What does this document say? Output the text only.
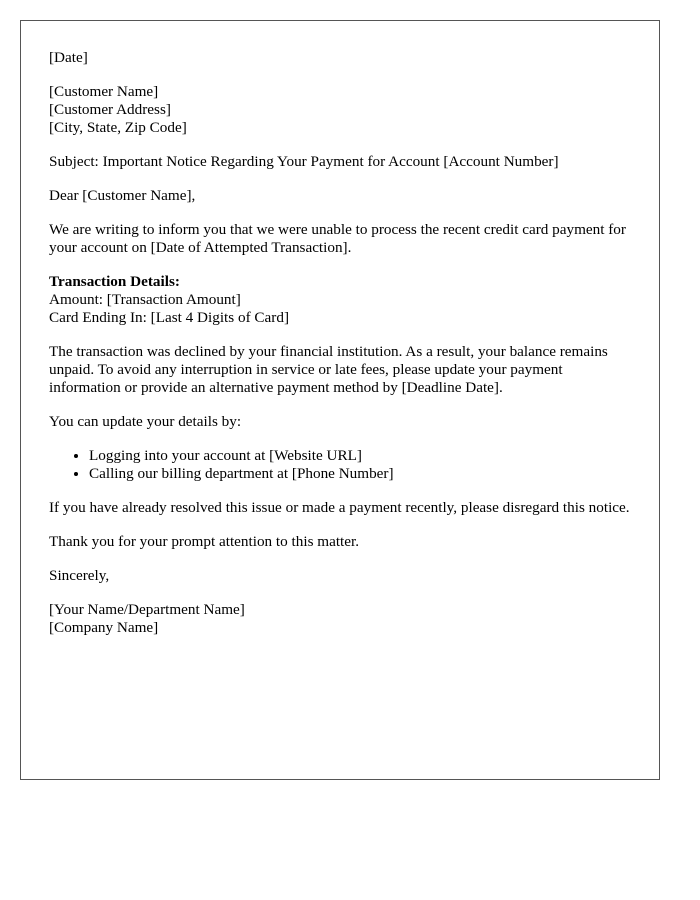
[Date]
[Customer Name]
[Customer Address]
[City, State, Zip Code]
Subject: Important Notice Regarding Your Payment for Account [Account Number]
Dear [Customer Name],
We are writing to inform you that we were unable to process the recent credit card payment for your account on [Date of Attempted Transaction].
Transaction Details:
Amount: [Transaction Amount]
Card Ending In: [Last 4 Digits of Card]
The transaction was declined by your financial institution. As a result, your balance remains unpaid. To avoid any interruption in service or late fees, please update your payment information or provide an alternative payment method by [Deadline Date].
You can update your details by:
• Logging into your account at [Website URL]
• Calling our billing department at [Phone Number]
If you have already resolved this issue or made a payment recently, please disregard this notice.
Thank you for your prompt attention to this matter.
Sincerely,
[Your Name/Department Name]
[Company Name]
